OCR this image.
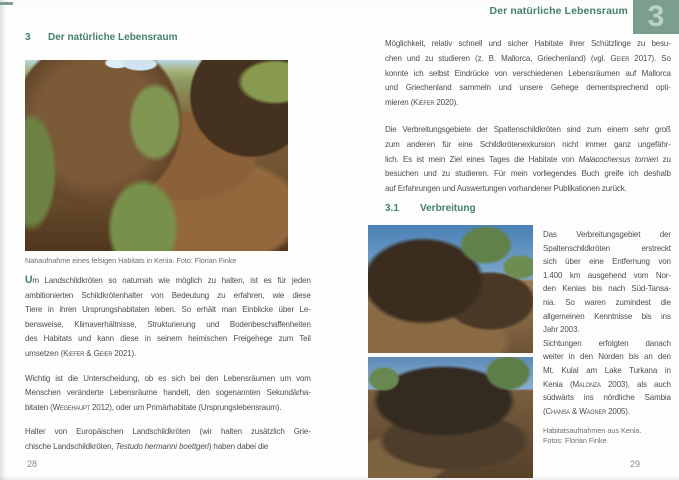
Der natürliche Lebensraum 3
3 Der natürliche Lebensraum
Nahaufnahme eines felsigen Habitats in Kenia. Foto: Florian Finke
Um Landschildkröten so naturnah wie möglich zu halten, ist es für jeden
ambitionierten Schildkrötenhalter von Bedeutung zu erfahren, wie diese
Tiere in ihren Ursprungshabitaten leben. So erhält man Einblicke über Le-
bensweise, Klimaverhältnisse, Strukturierung und Bodenbeschaffenheiten
des Habitats und kann diese in seinem heimischen Freigehege zum Teil
umsetzen (Kiefer & Geier 2021).
Wichtig ist die Unterscheidung, ob es sich bei den Lebensräumen um vom
Menschen veränderte Lebensräume handelt, den sogenannten Sekundärha-
bitaten (Wegehaupt 2012), oder um Primärhabitate (Ursprungslebensraum).
Halter von Europäischen Landschildkröten (wir halten zusätzlich Grie-
chische Landschildkröten, Testudo hermanni boettgeri) haben dabei die
28
Möglichkeit, relativ schnell und sicher Habitate ihrer Schützlinge zu besu-
chen und zu studieren (z. B. Mallorca, Griechenland) (vgl. Geier 2017). So
konnte ich selbst Eindrücke von verschiedenen Lebensräumen auf Mallorca
und Griechenland sammeln und unsere Gehege dementsprechend opti-
mieren (Kiefer 2020).
Die Verbreitungsgebiete der Spaltenschildkröten sind zum einem sehr groß
zum anderen für eine Schildkrötenexkursion nicht immer ganz ungefähr-
lich. Es ist mein Ziel eines Tages die Habitate von Malacochersus tornieri zu
besuchen und zu studieren. Für mein vorliegendes Buch greife ich deshalb
auf Erfahrungen und Auswertungen vorhandener Publikationen zurück.
3.1 Verbreitung
Das Verbreitungsgebiet der
Spaltenschildkröten erstreckt
sich über eine Entfernung von
1.400 km ausgehend vom Nor-
den Kenias bis nach Süd-Tansa-
nia. So waren zumindest die
allgemeinen Kenntnisse bis ins
Jahr 2003.
Sichtungen erfolgten danach
weiter in den Norden bis an den
Mt. Kulal am Lake Turkana in
Kenia (Malonza 2003), als auch
südwärts ins nördliche Sambia
(Chansa & Wagner 2005).
Habitatsaufnahmen aus Kenia.
Fotos: Florian Finke
29
